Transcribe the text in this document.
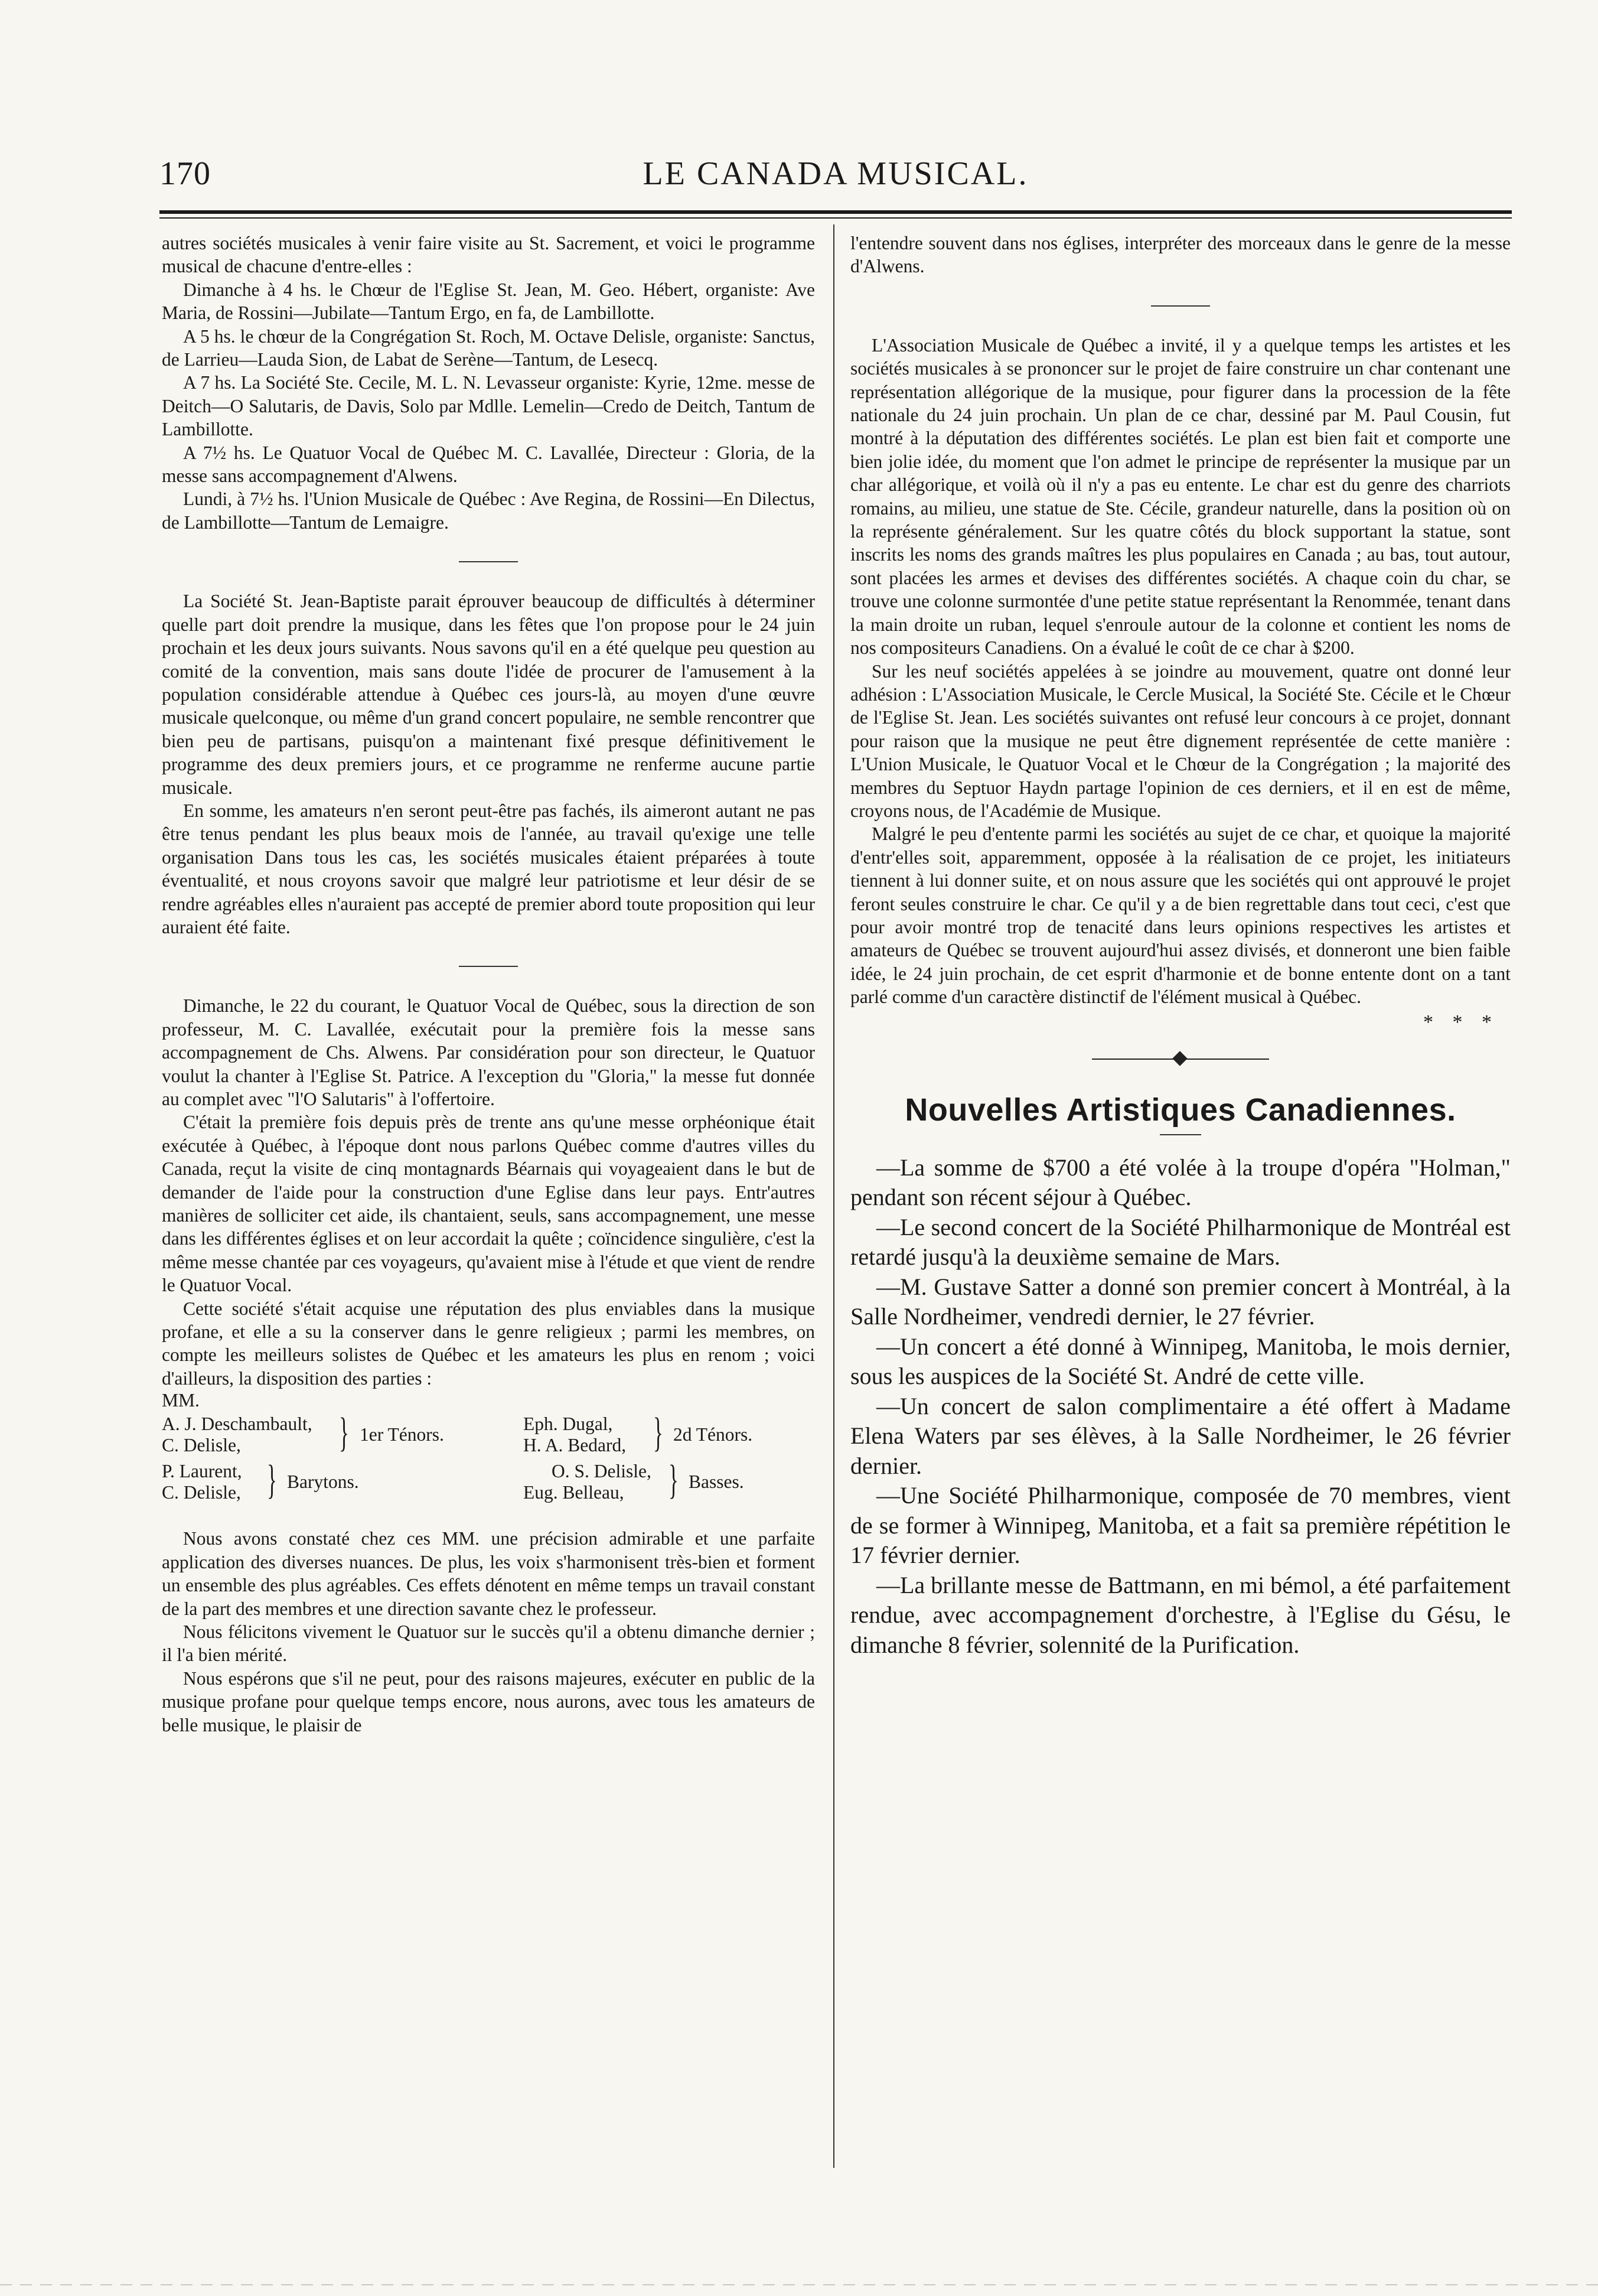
170	LE CANADA MUSICAL.

autres sociétés musicales à venir faire visite au St. Sacrement, et voici le programme musical de chacune d'entre-elles :

Dimanche à 4 hs. le Chœur de l'Eglise St. Jean, M. Geo. Hébert, organiste: Ave Maria, de Rossini—Jubilate—Tantum Ergo, en fa, de Lambillotte.

A 5 hs. le chœur de la Congrégation St. Roch, M. Octave Delisle, organiste: Sanctus, de Larrieu—Lauda Sion, de Labat de Serène—Tantum, de Lesecq.

A 7 hs. La Société Ste. Cecile, M. L. N. Levasseur organiste: Kyrie, 12me. messe de Deitch—O Salutaris, de Davis, Solo par Mdlle. Lemelin—Credo de Deitch, Tantum de Lambillotte.

A 7½ hs. Le Quatuor Vocal de Québec M. C. Lavallée, Directeur : Gloria, de la messe sans accompagnement d'Alwens.

Lundi, à 7½ hs. l'Union Musicale de Québec : Ave Regina, de Rossini—En Dilectus, de Lambillotte—Tantum de Lemaigre.

La Société St. Jean-Baptiste parait éprouver beaucoup de difficultés à déterminer quelle part doit prendre la musique, dans les fêtes que l'on propose pour le 24 juin prochain et les deux jours suivants. Nous savons qu'il en a été quelque peu question au comité de la convention, mais sans doute l'idée de procurer de l'amusement à la population considérable attendue à Québec ces jours-là, au moyen d'une œuvre musicale quelconque, ou même d'un grand concert populaire, ne semble rencontrer que bien peu de partisans, puisqu'on a maintenant fixé presque définitivement le programme des deux premiers jours, et ce programme ne renferme aucune partie musicale.

En somme, les amateurs n'en seront peut-être pas fachés, ils aimeront autant ne pas être tenus pendant les plus beaux mois de l'année, au travail qu'exige une telle organisation Dans tous les cas, les sociétés musicales étaient préparées à toute éventualité, et nous croyons savoir que malgré leur patriotisme et leur désir de se rendre agréables elles n'auraient pas accepté de premier abord toute proposition qui leur auraient été faite.

Dimanche, le 22 du courant, le Quatuor Vocal de Québec, sous la direction de son professeur, M. C. Lavallée, exécutait pour la première fois la messe sans accompagnement de Chs. Alwens. Par considération pour son directeur, le Quatuor voulut la chanter à l'Eglise St. Patrice. A l'exception du "Gloria," la messe fut donnée au complet avec "l'O Salutaris" à l'offertoire.

C'était la première fois depuis près de trente ans qu'une messe orphéonique était exécutée à Québec, à l'époque dont nous parlons Québec comme d'autres villes du Canada, reçut la visite de cinq montagnards Béarnais qui voyageaient dans le but de demander de l'aide pour la construction d'une Eglise dans leur pays. Entr'autres manières de solliciter cet aide, ils chantaient, seuls, sans accompagnement, une messe dans les différentes églises et on leur accordait la quête ; coïncidence singulière, c'est la même messe chantée par ces voyageurs, qu'avaient mise à l'étude et que vient de rendre le Quatuor Vocal.

Cette société s'était acquise une réputation des plus enviables dans la musique profane, et elle a su la conserver dans le genre religieux ; parmi les membres, on compte les meilleurs solistes de Québec et les amateurs les plus en renom ; voici d'ailleurs, la disposition des parties :

MM.
A. J. Deschambault,
C. Delisle, } 1er Ténors.
Eph. Dugal,
H. A. Bedard, } 2d Ténors.
P. Laurent,
C. Delisle, } Barytons.
O. S. Delisle,
Eug. Belleau, } Basses.

Nous avons constaté chez ces MM. une précision admirable et une parfaite application des diverses nuances. De plus, les voix s'harmonisent très-bien et forment un ensemble des plus agréables. Ces effets dénotent en même temps un travail constant de la part des membres et une direction savante chez le professeur.

Nous félicitons vivement le Quatuor sur le succès qu'il a obtenu dimanche dernier ; il l'a bien mérité.

Nous espérons que s'il ne peut, pour des raisons majeures, exécuter en public de la musique profane pour quelque temps encore, nous aurons, avec tous les amateurs de belle musique, le plaisir de

l'entendre souvent dans nos églises, interpréter des morceaux dans le genre de la messe d'Alwens.

L'Association Musicale de Québec a invité, il y a quelque temps les artistes et les sociétés musicales à se prononcer sur le projet de faire construire un char contenant une représentation allégorique de la musique, pour figurer dans la procession de la fête nationale du 24 juin prochain. Un plan de ce char, dessiné par M. Paul Cousin, fut montré à la députation des différentes sociétés. Le plan est bien fait et comporte une bien jolie idée, du moment que l'on admet le principe de représenter la musique par un char allégorique, et voilà où il n'y a pas eu entente. Le char est du genre des charriots romains, au milieu, une statue de Ste. Cécile, grandeur naturelle, dans la position où on la représente généralement. Sur les quatre côtés du block supportant la statue, sont inscrits les noms des grands maîtres les plus populaires en Canada ; au bas, tout autour, sont placées les armes et devises des différentes sociétés. A chaque coin du char, se trouve une colonne surmontée d'une petite statue représentant la Renommée, tenant dans la main droite un ruban, lequel s'enroule autour de la colonne et contient les noms de nos compositeurs Canadiens. On a évalué le coût de ce char à $200.

Sur les neuf sociétés appelées à se joindre au mouvement, quatre ont donné leur adhésion : L'Association Musicale, le Cercle Musical, la Société Ste. Cécile et le Chœur de l'Eglise St. Jean. Les sociétés suivantes ont refusé leur concours à ce projet, donnant pour raison que la musique ne peut être dignement représentée de cette manière : L'Union Musicale, le Quatuor Vocal et le Chœur de la Congrégation ; la majorité des membres du Septuor Haydn partage l'opinion de ces derniers, et il en est de même, croyons nous, de l'Académie de Musique.

Malgré le peu d'entente parmi les sociétés au sujet de ce char, et quoique la majorité d'entr'elles soit, apparemment, opposée à la réalisation de ce projet, les initiateurs tiennent à lui donner suite, et on nous assure que les sociétés qui ont approuvé le projet feront seules construire le char. Ce qu'il y a de bien regrettable dans tout ceci, c'est que pour avoir montré trop de tenacité dans leurs opinions respectives les artistes et amateurs de Québec se trouvent aujourd'hui assez divisés, et donneront une bien faible idée, le 24 juin prochain, de cet esprit d'harmonie et de bonne entente dont on a tant parlé comme d'un caractère distinctif de l'élément musical à Québec.

* * *
Nouvelles Artistiques Canadiennes.

—La somme de $700 a été volée à la troupe d'opéra "Holman," pendant son récent séjour à Québec.

—Le second concert de la Société Philharmonique de Montréal est retardé jusqu'à la deuxième semaine de Mars.

—M. Gustave Satter a donné son premier concert à Montréal, à la Salle Nordheimer, vendredi dernier, le 27 février.

—Un concert a été donné à Winnipeg, Manitoba, le mois dernier, sous les auspices de la Société St. André de cette ville.

—Un concert de salon complimentaire a été offert à Madame Elena Waters par ses élèves, à la Salle Nordheimer, le 26 février dernier.

—Une Société Philharmonique, composée de 70 membres, vient de se former à Winnipeg, Manitoba, et a fait sa première répétition le 17 février dernier.

—La brillante messe de Battmann, en mi bémol, a été parfaitement rendue, avec accompagnement d'orchestre, à l'Eglise du Gésu, le dimanche 8 février, solennité de la Purification.
